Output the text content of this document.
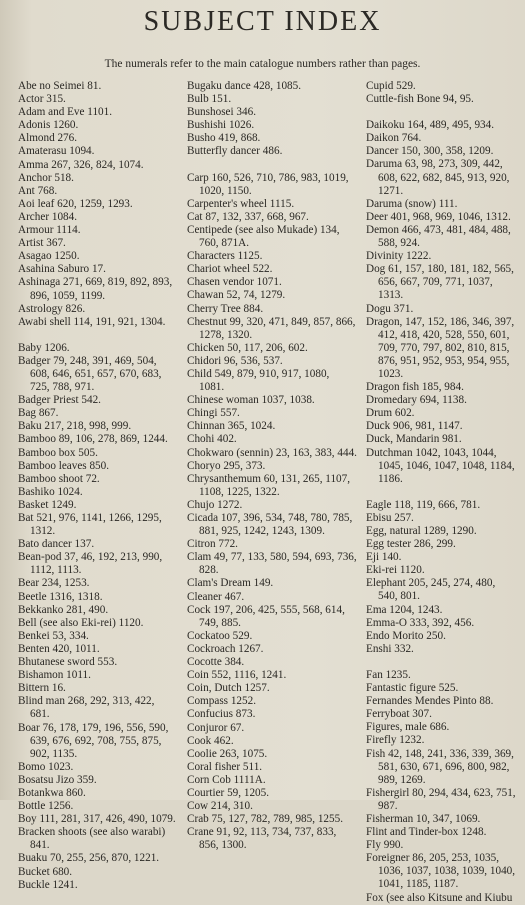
SUBJECT INDEX
The numerals refer to the main catalogue numbers rather than pages.
Abe no Seimei 81.
Actor 315.
Adam and Eve 1101.
Adonis 1260.
Almond 276.
Amaterasu 1094.
Amma 267, 326, 824, 1074.
Anchor 518.
Ant 768.
Aoi leaf 620, 1259, 1293.
Archer 1084.
Armour 1114.
Artist 367.
Asagao 1250.
Asahina Saburo 17.
Ashinaga 271, 669, 819, 892, 893, 896, 1059, 1199.
Astrology 826.
Awabi shell 114, 191, 921, 1304.
Baby 1206.
Badger 79, 248, 391, 469, 504, 608, 646, 651, 657, 670, 683, 725, 788, 971.
Badger Priest 542.
Bag 867.
Baku 217, 218, 998, 999.
Bamboo 89, 106, 278, 869, 1244.
Bamboo box 505.
Bamboo leaves 850.
Bamboo shoot 72.
Bashiko 1024.
Basket 1249.
Bat 521, 976, 1141, 1266, 1295, 1312.
Bato dancer 137.
Bean-pod 37, 46, 192, 213, 990, 1112, 1113.
Bear 234, 1253.
Beetle 1316, 1318.
Bekkanko 281, 490.
Bell (see also Eki-rei) 1120.
Benkei 53, 334.
Benten 420, 1011.
Bhutanese sword 553.
Bishamon 1011.
Bittern 16.
Blind man 268, 292, 313, 422, 681.
Boar 76, 178, 179, 196, 556, 590, 639, 676, 692, 708, 755, 875, 902, 1135.
Bomo 1023.
Bosatsu Jizo 359.
Botankwa 860.
Bottle 1256.
Boy 111, 281, 317, 426, 490, 1079.
Bracken shoots (see also warabi) 841.
Buaku 70, 255, 256, 870, 1221.
Bucket 680.
Buckle 1241.
Bugaku dance 428, 1085.
Bulb 151.
Bunshosei 346.
Bushishi 1026.
Busho 419, 868.
Butterfly dancer 486.
Carp 160, 526, 710, 786, 983, 1019, 1020, 1150.
Carpenter's wheel 1115.
Cat 87, 132, 337, 668, 967.
Centipede (see also Mukade) 134, 760, 871A.
Characters 1125.
Chariot wheel 522.
Chasen vendor 1071.
Chawan 52, 74, 1279.
Cherry Tree 884.
Chestnut 99, 320, 471, 849, 857, 866, 1278, 1320.
Chicken 50, 117, 206, 602.
Chidori 96, 536, 537.
Child 549, 879, 910, 917, 1080, 1081.
Chinese woman 1037, 1038.
Chingi 557.
Chinnan 365, 1024.
Chohi 402.
Chokwaro (sennin) 23, 163, 383, 444.
Choryo 295, 373.
Chrysanthemum 60, 131, 265, 1107, 1108, 1225, 1322.
Chujo 1272.
Cicada 107, 396, 534, 748, 780, 785, 881, 925, 1242, 1243, 1309.
Citron 772.
Clam 49, 77, 133, 580, 594, 693, 736, 828.
Clam's Dream 149.
Cleaner 467.
Cock 197, 206, 425, 555, 568, 614, 749, 885.
Cockatoo 529.
Cockroach 1267.
Cocotte 384.
Coin 552, 1116, 1241.
Coin, Dutch 1257.
Compass 1252.
Confucius 873.
Conjuror 67.
Cook 462.
Coolie 263, 1075.
Coral fisher 511.
Corn Cob 1111A.
Courtier 59, 1205.
Cow 214, 310.
Crab 75, 127, 782, 789, 985, 1255.
Crane 91, 92, 113, 734, 737, 833, 856, 1300.
Cupid 529.
Cuttle-fish Bone 94, 95.
Daikoku 164, 489, 495, 934.
Daikon 764.
Dancer 150, 300, 358, 1209.
Daruma 63, 98, 273, 309, 442, 608, 622, 682, 845, 913, 920, 1271.
Daruma (snow) 111.
Deer 401, 968, 969, 1046, 1312.
Demon 466, 473, 481, 484, 488, 588, 924.
Divinity 1222.
Dog 61, 157, 180, 181, 182, 565, 656, 667, 709, 771, 1037, 1313.
Dogu 371.
Dragon, 147, 152, 186, 346, 397, 412, 418, 420, 528, 550, 601, 709, 770, 797, 802, 810, 815, 876, 951, 952, 953, 954, 955, 1023.
Dragon fish 185, 984.
Dromedary 694, 1138.
Drum 602.
Duck 906, 981, 1147.
Duck, Mandarin 981.
Dutchman 1042, 1043, 1044, 1045, 1046, 1047, 1048, 1184, 1186.
Eagle 118, 119, 666, 781.
Ebisu 257.
Egg, natural 1289, 1290.
Egg tester 286, 299.
Eji 140.
Eki-rei 1120.
Elephant 205, 245, 274, 480, 540, 801.
Ema 1204, 1243.
Emma-O 333, 392, 456.
Endo Morito 250.
Enshi 332.
Fan 1235.
Fantastic figure 525.
Fernandes Mendes Pinto 88.
Ferryboat 307.
Figures, male 686.
Firefly 1232.
Fish 42, 148, 241, 336, 339, 369, 581, 630, 671, 696, 800, 982, 989, 1269.
Fishergirl 80, 294, 434, 623, 751, 987.
Fisherman 10, 347, 1069.
Flint and Tinder-box 1248.
Fly 990.
Foreigner 86, 205, 253, 1035, 1036, 1037, 1038, 1039, 1040, 1041, 1185, 1187.
Fox (see also Kitsune and Kiubu
